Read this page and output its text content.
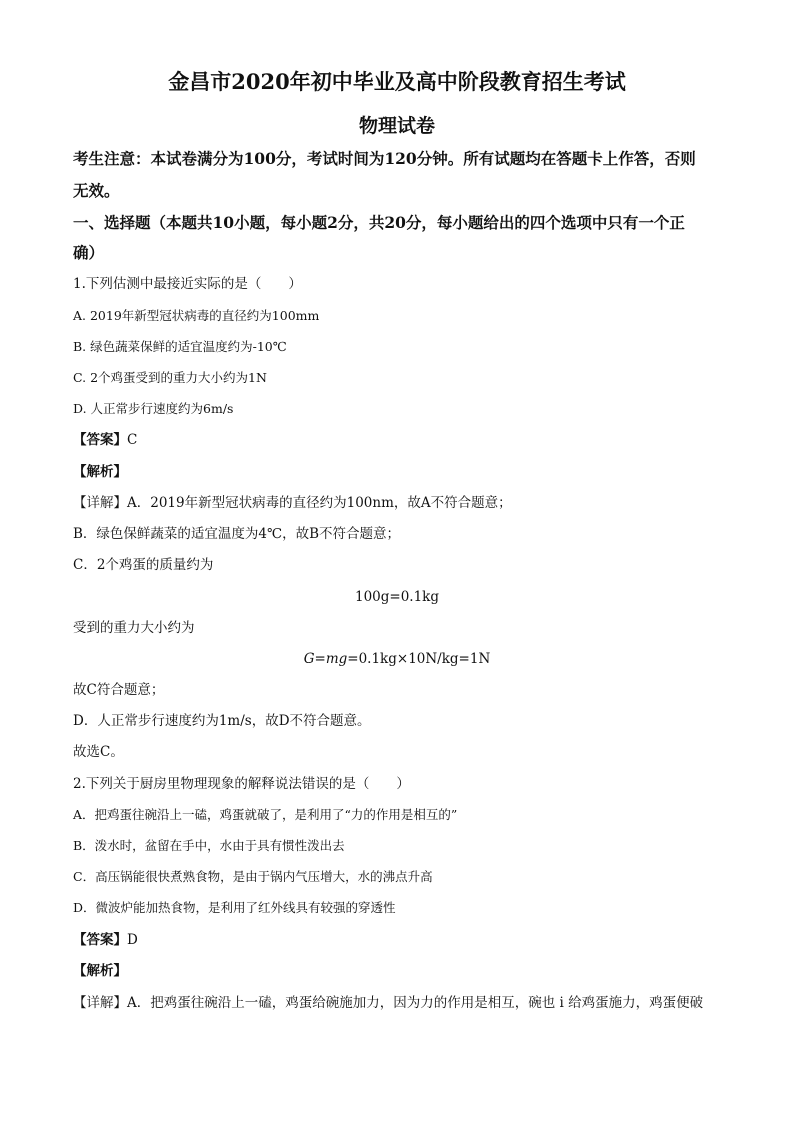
金昌市2020年初中毕业及高中阶段教育招生考试
物理试卷
考生注意：本试卷满分为100分，考试时间为120分钟。所有试题均在答题卡上作答，否则
无效。
一、选择题（本题共10小题，每小题2分，共20分，每小题给出的四个选项中只有一个正
确）
1.下列估测中最接近实际的是（　　）
A. 2019年新型冠状病毒的直径约为100mm
B. 绿色蔬菜保鲜的适宜温度约为-10℃
C. 2个鸡蛋受到的重力大小约为1N
D. 人正常步行速度约为6m/s
【答案】C
【解析】
【详解】A．2019年新型冠状病毒的直径约为100nm，故A不符合题意；
B．绿色保鲜蔬菜的适宜温度为4℃，故B不符合题意；
C．2个鸡蛋的质量约为
100g=0.1kg
受到的重力大小约为
G=mg=0.1kg×10N/kg=1N
故C符合题意；
D．人正常步行速度约为1m/s，故D不符合题意。
故选C。
2.下列关于厨房里物理现象的解释说法错误的是（　　）
A．把鸡蛋往碗沿上一磕，鸡蛋就破了，是利用了“力的作用是相互的”
B．泼水时，盆留在手中，水由于具有惯性泼出去
C．高压锅能很快煮熟食物，是由于锅内气压增大，水的沸点升高
D．微波炉能加热食物，是利用了红外线具有较强的穿透性
【答案】D
【解析】
【详解】A．把鸡蛋往碗沿上一磕，鸡蛋给碗施加力，因为力的作用是相互，碗也 i 给鸡蛋施力，鸡蛋便破
